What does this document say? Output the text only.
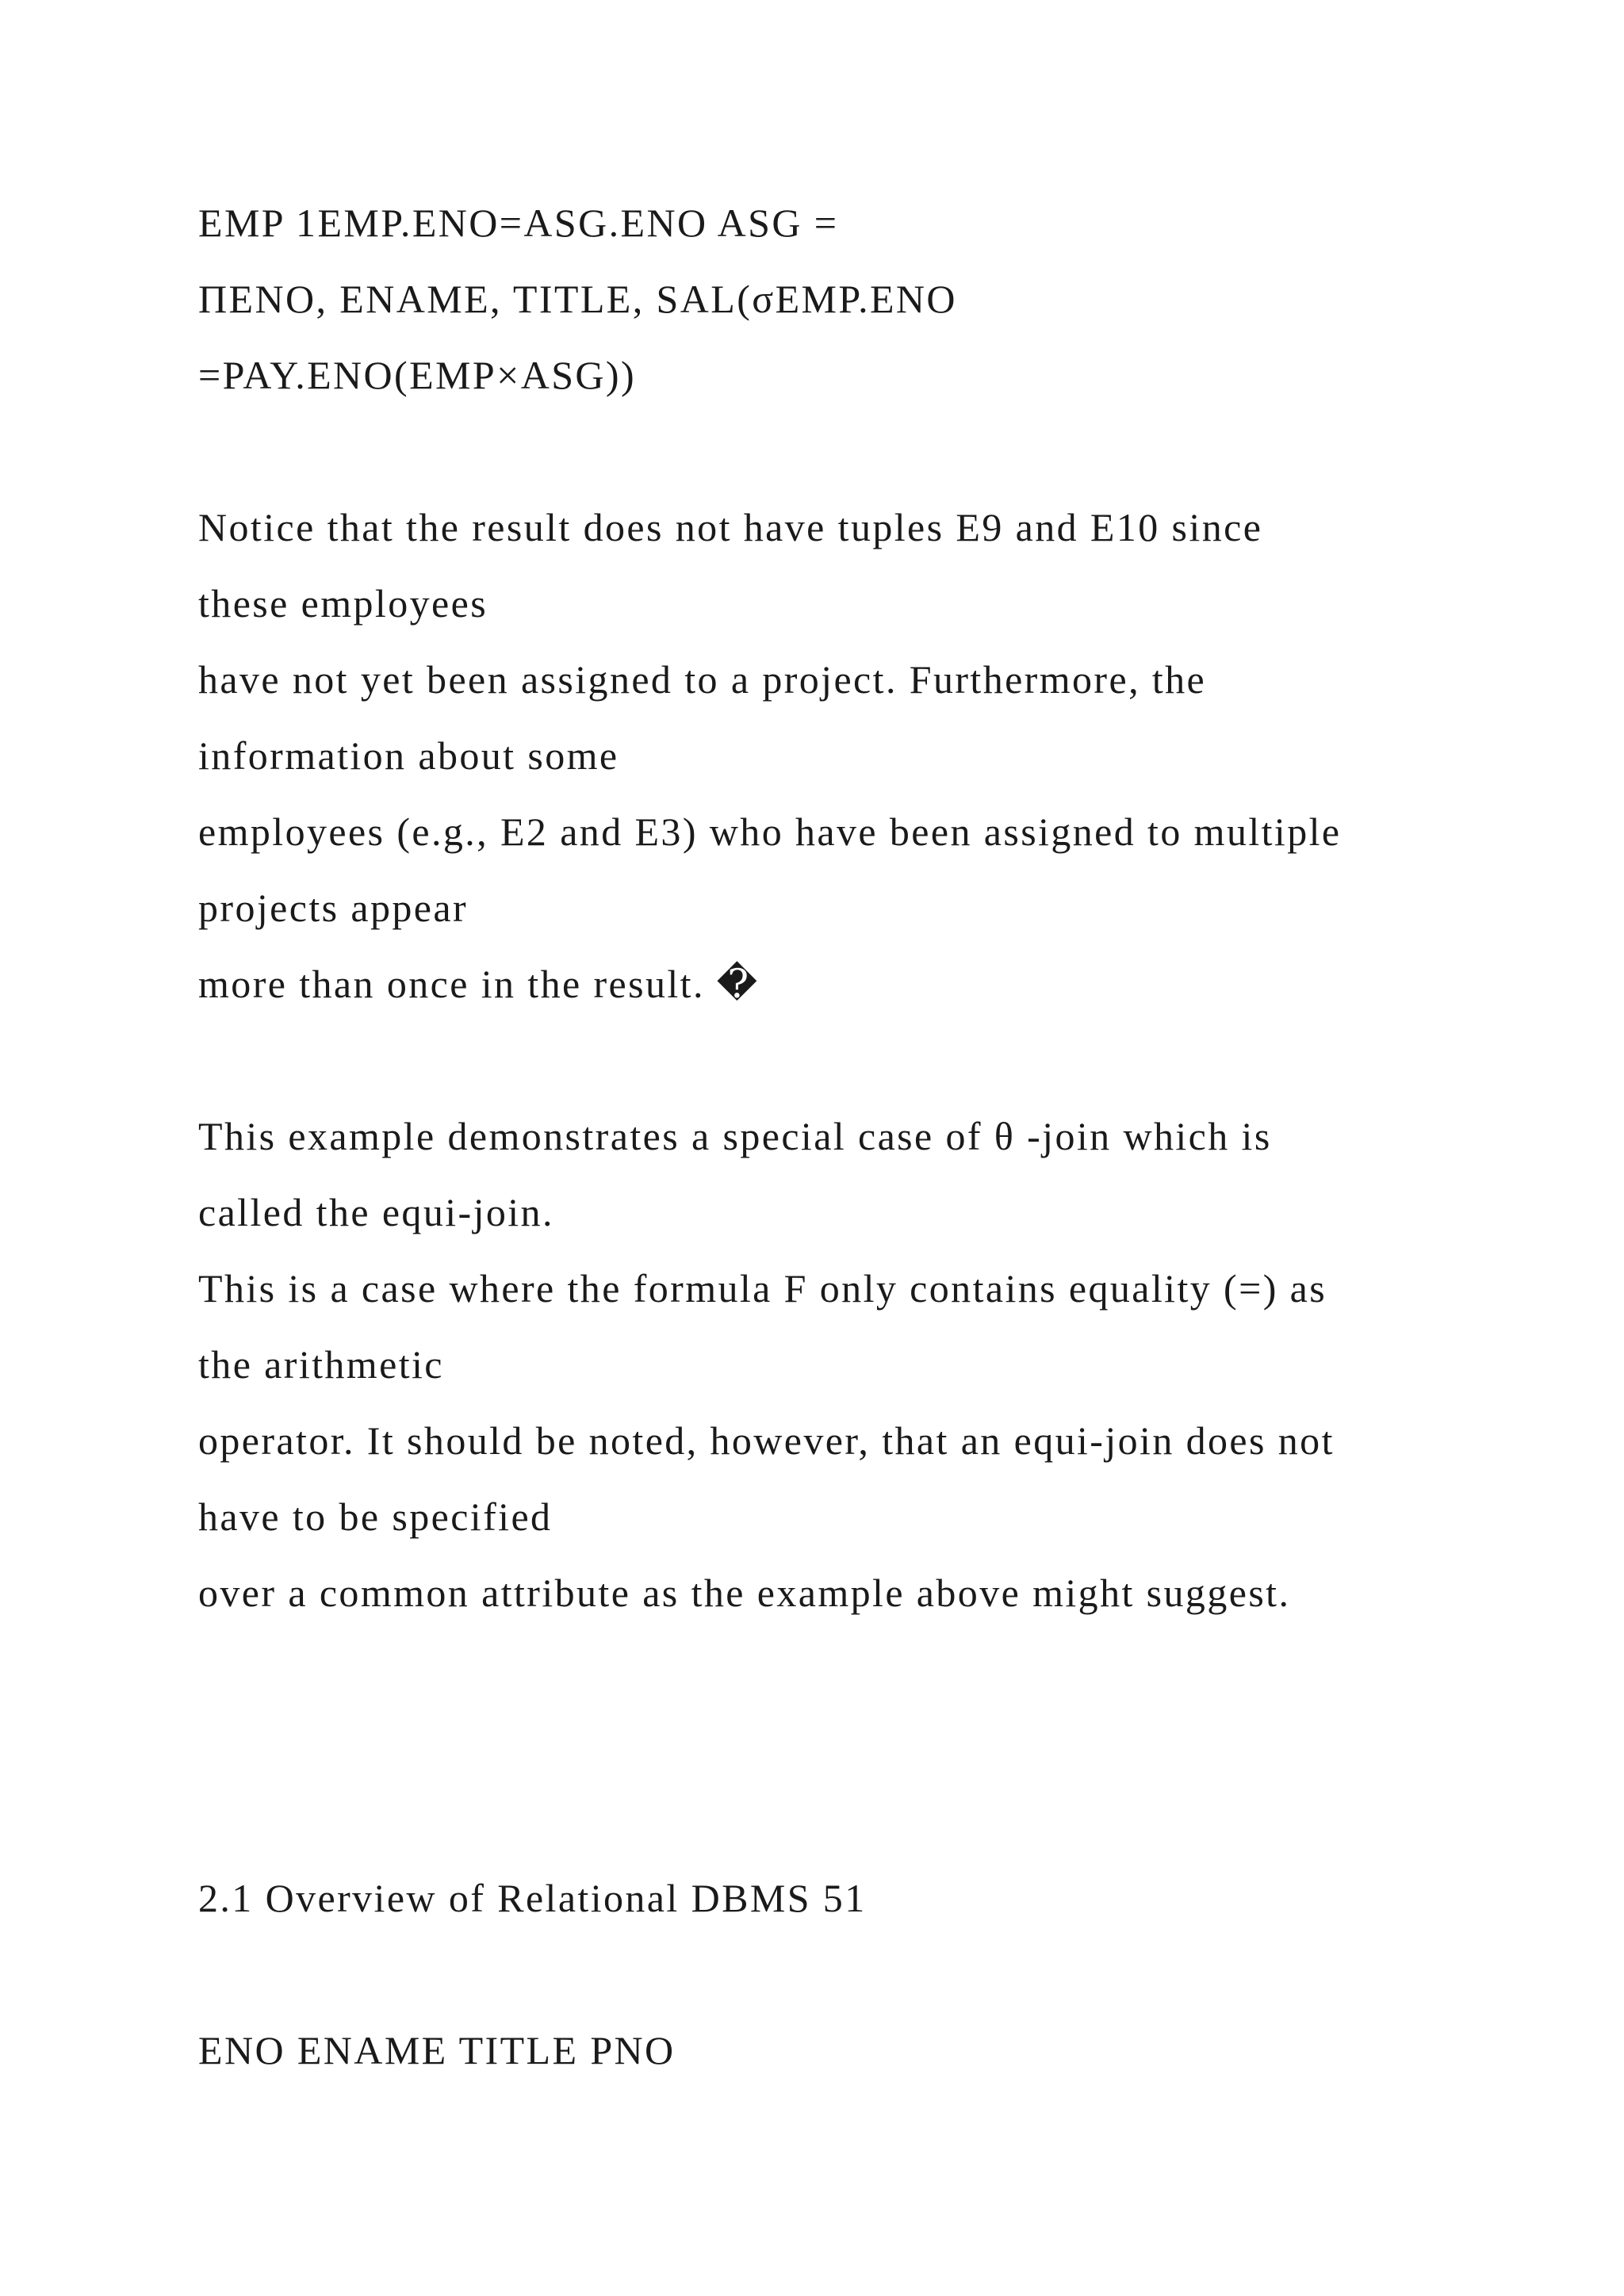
EMP 1EMP.ENO=ASG.ENO ASG =

ΠENO, ENAME, TITLE, SAL(σEMP.ENO

=PAY.ENO(EMP×ASG))

Notice that the result does not have tuples E9 and E10 since

these employees

have not yet been assigned to a project. Furthermore, the

information about some

employees (e.g., E2 and E3) who have been assigned to multiple

projects appear

more than once in the result. �

This example demonstrates a special case of θ -join which is

called the equi-join.

This is a case where the formula F only contains equality (=) as

the arithmetic

operator. It should be noted, however, that an equi-join does not

have to be specified

over a common attribute as the example above might suggest.

2.1 Overview of Relational DBMS 51

ENO ENAME TITLE PNO
